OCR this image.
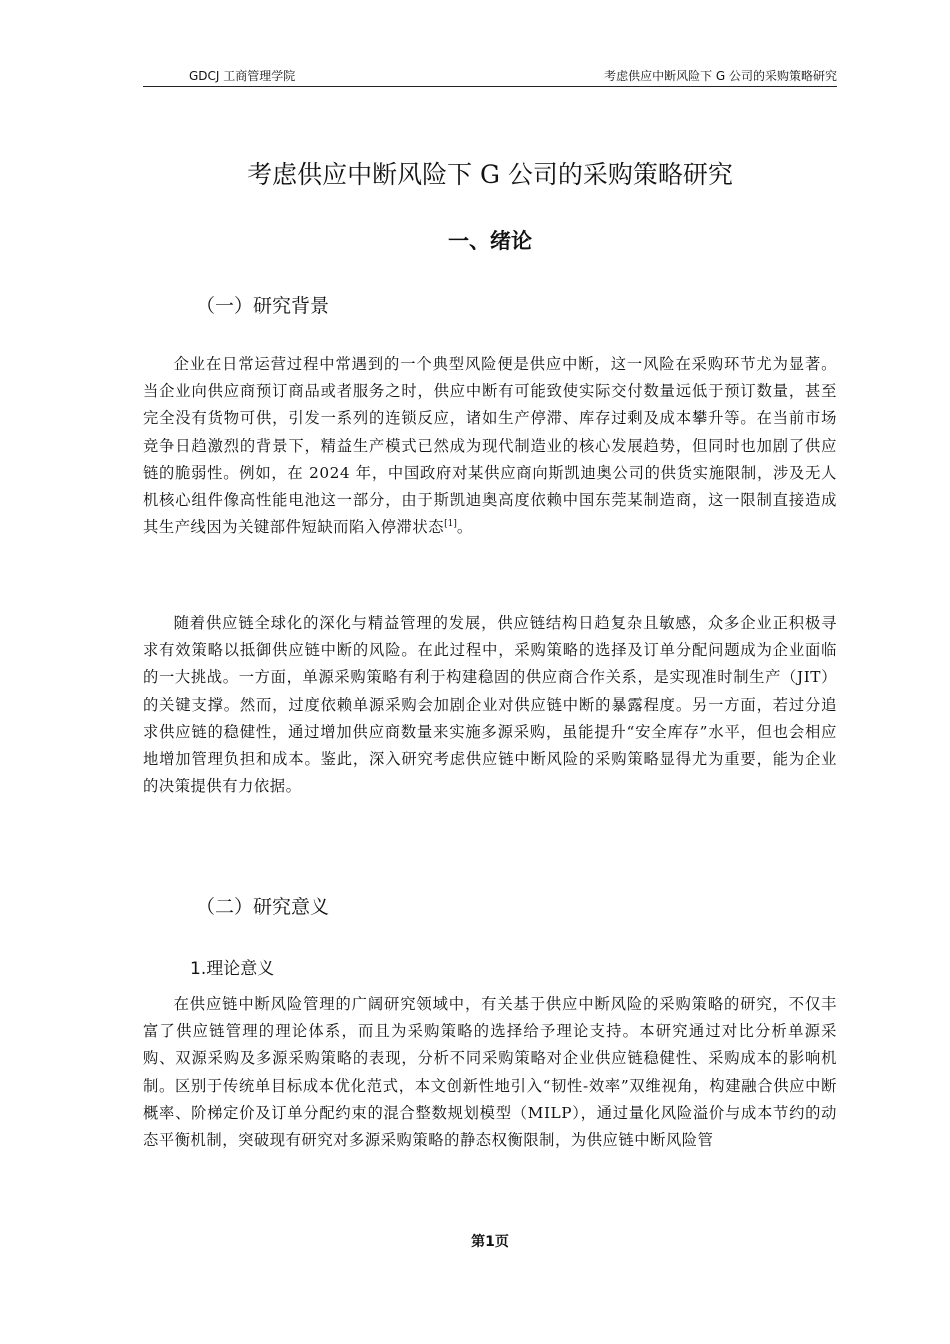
GDCJ 工商管理学院	考虑供应中断风险下 G 公司的采购策略研究
考虑供应中断风险下 G 公司的采购策略研究
一、绪论
（一）研究背景

企业在日常运营过程中常遇到的一个典型风险便是供应中断，这一风险在采购环节尤为显著。当企业向供应商预订商品或者服务之时，供应中断有可能致使实际交付数量远低于预订数量，甚至完全没有货物可供，引发一系列的连锁反应，诸如生产停滞、库存过剩及成本攀升等。在当前市场竞争日趋激烈的背景下，精益生产模式已然成为现代制造业的核心发展趋势，但同时也加剧了供应链的脆弱性。例如，在 2024 年，中国政府对某供应商向斯凯迪奥公司的供货实施限制，涉及无人机核心组件像高性能电池这一部分，由于斯凯迪奥高度依赖中国东莞某制造商，这一限制直接造成其生产线因为关键部件短缺而陷入停滞状态[1]。

随着供应链全球化的深化与精益管理的发展，供应链结构日趋复杂且敏感，众多企业正积极寻求有效策略以抵御供应链中断的风险。在此过程中，采购策略的选择及订单分配问题成为企业面临的一大挑战。一方面，单源采购策略有利于构建稳固的供应商合作关系，是实现准时制生产（JIT）的关键支撑。然而，过度依赖单源采购会加剧企业对供应链中断的暴露程度。另一方面，若过分追求供应链的稳健性，通过增加供应商数量来实施多源采购，虽能提升“安全库存”水平，但也会相应地增加管理负担和成本。鉴此，深入研究考虑供应链中断风险的采购策略显得尤为重要，能为企业的决策提供有力依据。

（二）研究意义
1.理论意义

在供应链中断风险管理的广阔研究领域中，有关基于供应中断风险的采购策略的研究，不仅丰富了供应链管理的理论体系，而且为采购策略的选择给予理论支持。本研究通过对比分析单源采购、双源采购及多源采购策略的表现，分析不同采购策略对企业供应链稳健性、采购成本的影响机制。区别于传统单目标成本优化范式，本文创新性地引入“韧性-效率”双维视角，构建融合供应中断概率、阶梯定价及订单分配约束的混合整数规划模型（MILP），通过量化风险溢价与成本节约的动态平衡机制，突破现有研究对多源采购策略的静态权衡限制，为供应链中断风险管

第1页
